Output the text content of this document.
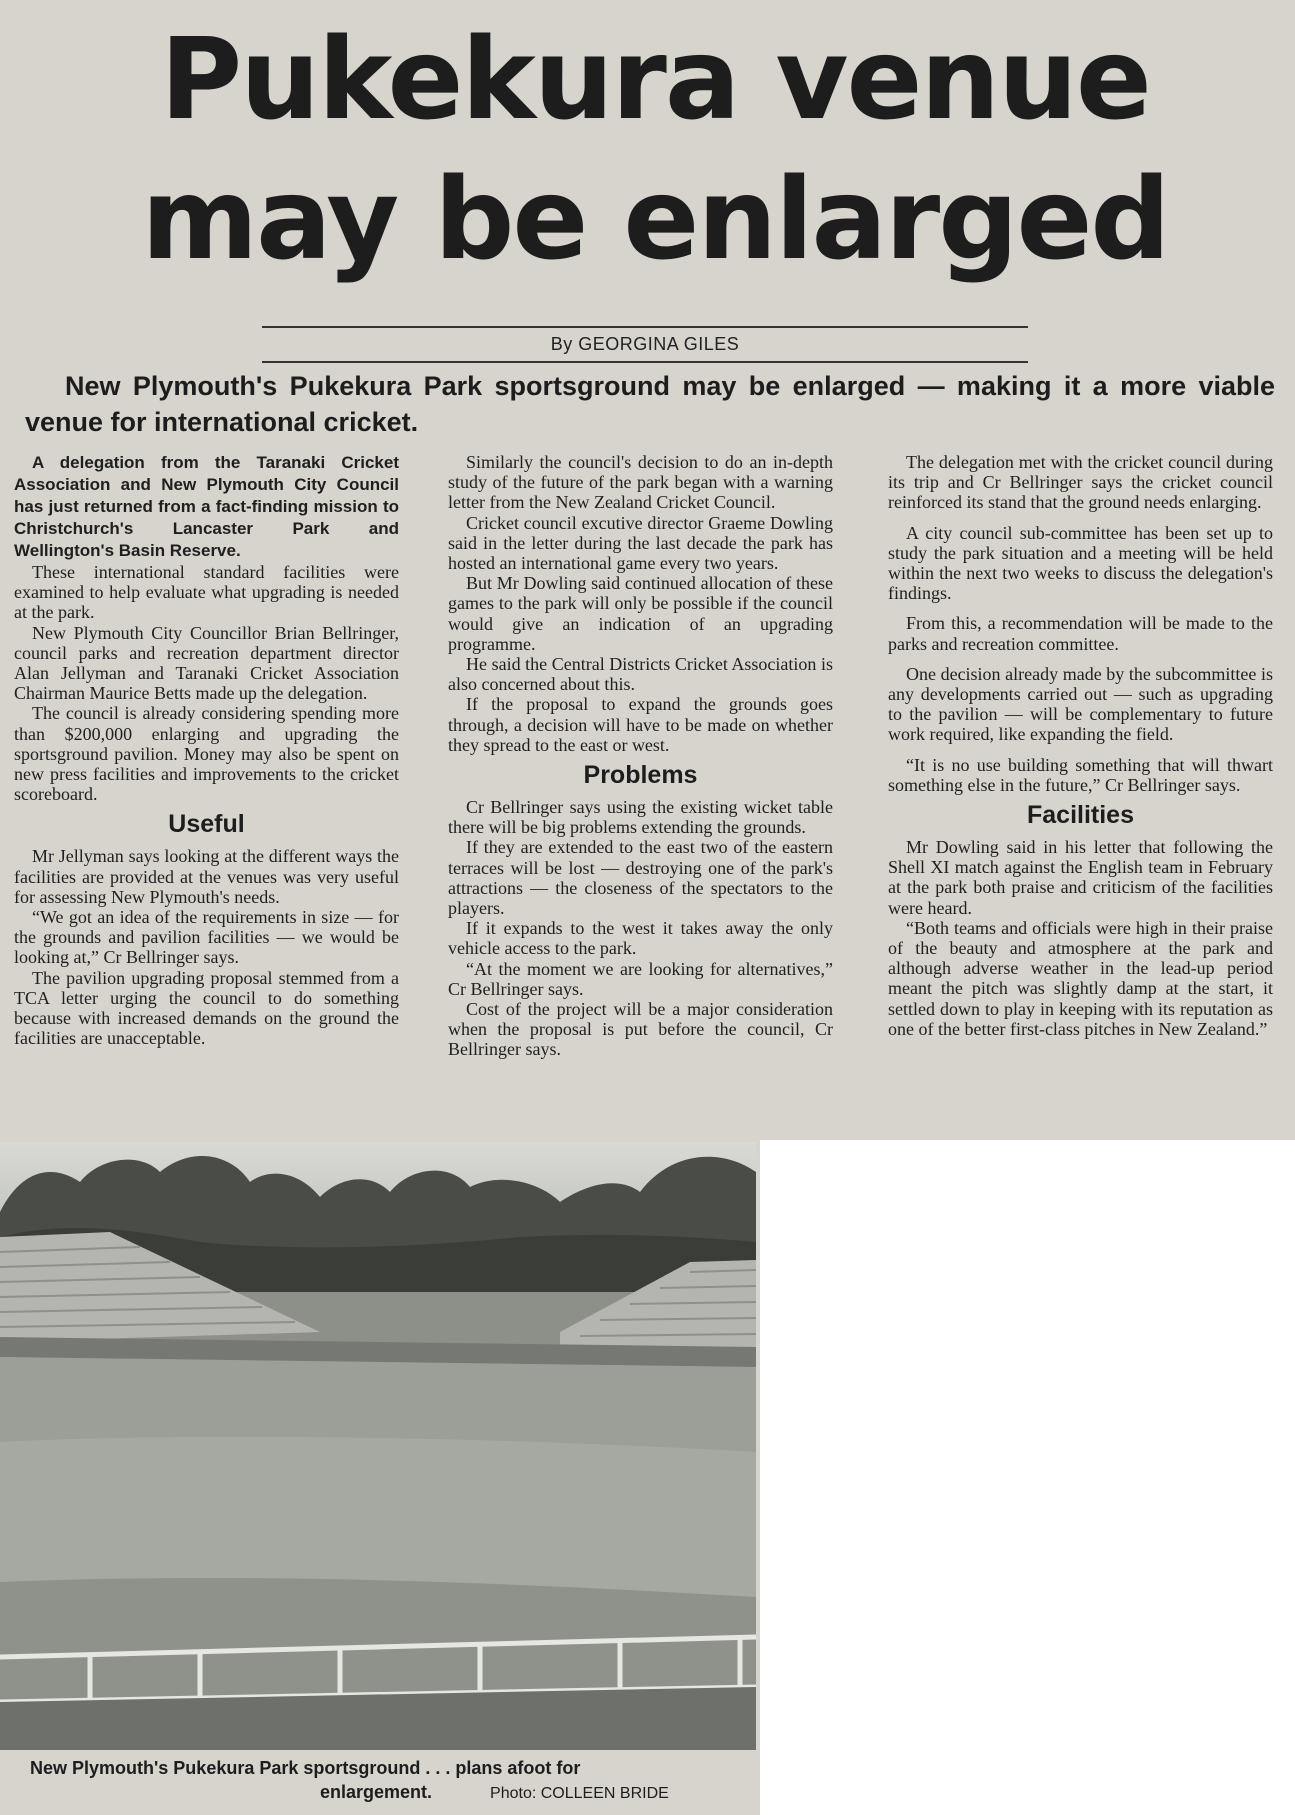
Pukekura venue
may be enlarged
By GEORGINA GILES

New Plymouth's Pukekura Park sportsground may be enlarged — making it a more viable venue for international cricket.

A delegation from the Taranaki Cricket Association and New Plymouth City Council has just returned from a fact-finding mission to Christchurch's Lancaster Park and Wellington's Basin Reserve.

These international standard facilities were examined to help evaluate what upgrading is needed at the park.

New Plymouth City Councillor Brian Bellringer, council parks and recreation department director Alan Jellyman and Taranaki Cricket Association Chairman Maurice Betts made up the delegation.

The council is already considering spending more than $200,000 enlarging and upgrading the sportsground pavilion. Money may also be spent on new press facilities and improvements to the cricket scoreboard.

Useful

Mr Jellyman says looking at the different ways the facilities are provided at the venues was very useful for assessing New Plymouth's needs.

“We got an idea of the requirements in size — for the grounds and pavilion facilities — we would be looking at,” Cr Bellringer says.

The pavilion upgrading proposal stemmed from a TCA letter urging the council to do something because with increased demands on the ground the facilities are unacceptable.

Similarly the council's decision to do an in-depth study of the future of the park began with a warning letter from the New Zealand Cricket Council.

Cricket council excutive director Graeme Dowling said in the letter during the last decade the park has hosted an international game every two years.

But Mr Dowling said continued allocation of these games to the park will only be possible if the council would give an indication of an upgrading programme.

He said the Central Districts Cricket Association is also concerned about this.

If the proposal to expand the grounds goes through, a decision will have to be made on whether they spread to the east or west.

Problems

Cr Bellringer says using the existing wicket table there will be big problems extending the grounds.

If they are extended to the east two of the eastern terraces will be lost — destroying one of the park's attractions — the closeness of the spectators to the players.

If it expands to the west it takes away the only vehicle access to the park.

“At the moment we are looking for alternatives,” Cr Bellringer says.

Cost of the project will be a major consideration when the proposal is put before the council, Cr Bellringer says.

The delegation met with the cricket council during its trip and Cr Bellringer says the cricket council reinforced its stand that the ground needs enlarging.

A city council sub-committee has been set up to study the park situation and a meeting will be held within the next two weeks to discuss the delegation's findings.

From this, a recommendation will be made to the parks and recreation committee.

One decision already made by the subcommittee is any developments carried out — such as upgrading to the pavilion — will be complementary to future work required, like expanding the field.

“It is no use building something that will thwart something else in the future,” Cr Bellringer says.

Facilities

Mr Dowling said in his letter that following the Shell XI match against the English team in February at the park both praise and criticism of the facilities were heard.

“Both teams and officials were high in their praise of the beauty and atmosphere at the park and although adverse weather in the lead-up period meant the pitch was slightly damp at the start, it settled down to play in keeping with its reputation as one of the better first-class pitches in New Zealand.”

New Plymouth's Pukekura Park sportsground . . . plans afoot for
enlargement.	Photo: COLLEEN BRIDE
